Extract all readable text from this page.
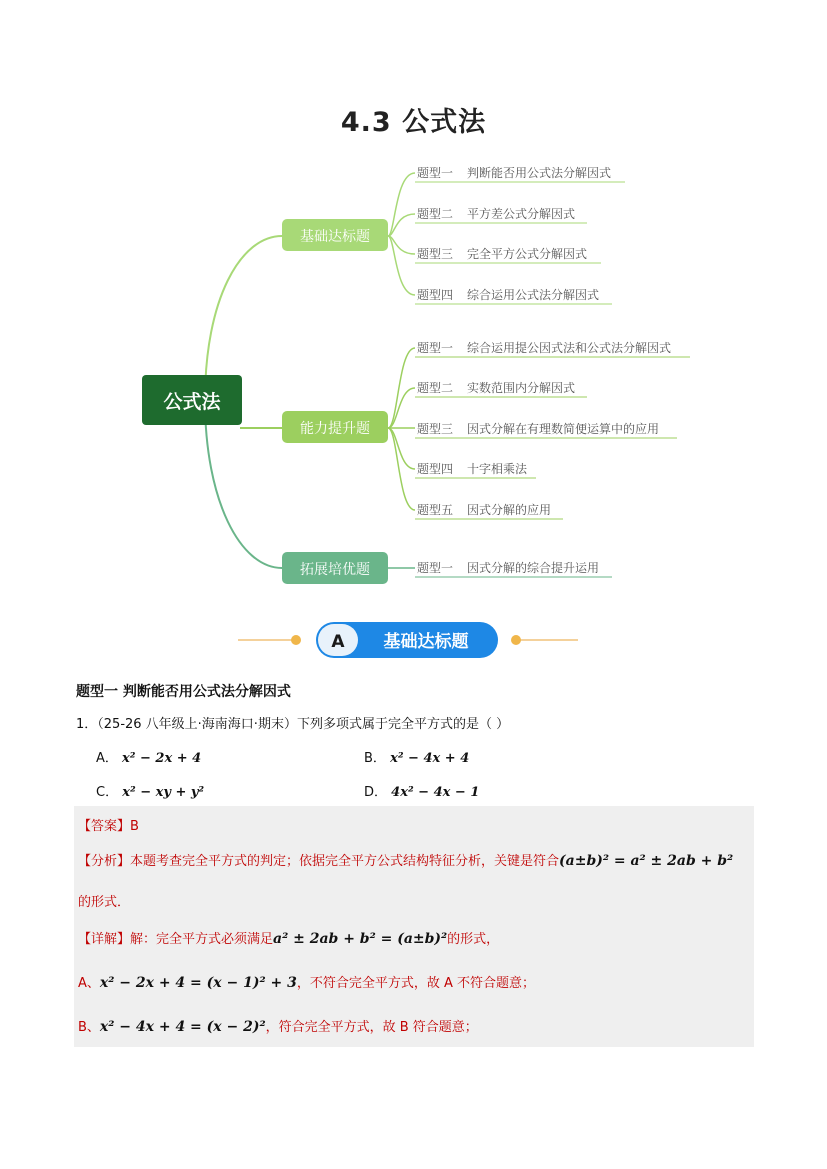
4.3 公式法
公式法
基础达标题
能力提升题
拓展培优题
题型一 判断能否用公式法分解因式
题型二 平方差公式分解因式
题型三 完全平方公式分解因式
题型四 综合运用公式法分解因式
题型一 综合运用提公因式法和公式法分解因式
题型二 实数范围内分解因式
题型三 因式分解在有理数简便运算中的应用
题型四 十字相乘法
题型五 因式分解的应用
题型一 因式分解的综合提升运用
A 基础达标题
题型一 判断能否用公式法分解因式
1．（25-26 八年级上·海南海口·期末）下列多项式属于完全平方式的是（ ）
A． x² − 2x + 4	B． x² − 4x + 4
C． x² − xy + y²	D． 4x² − 4x − 1
【答案】B
【分析】本题考查完全平方式的判定；依据完全平方公式结构特征分析，关键是符合(a±b)² = a² ± 2ab + b²
的形式．
【详解】解：完全平方式必须满足a² ± 2ab + b² = (a±b)²的形式，
A、x² − 2x + 4 = (x − 1)² + 3，不符合完全平方式，故 A 不符合题意；
B、x² − 4x + 4 = (x − 2)²，符合完全平方式，故 B 符合题意；
